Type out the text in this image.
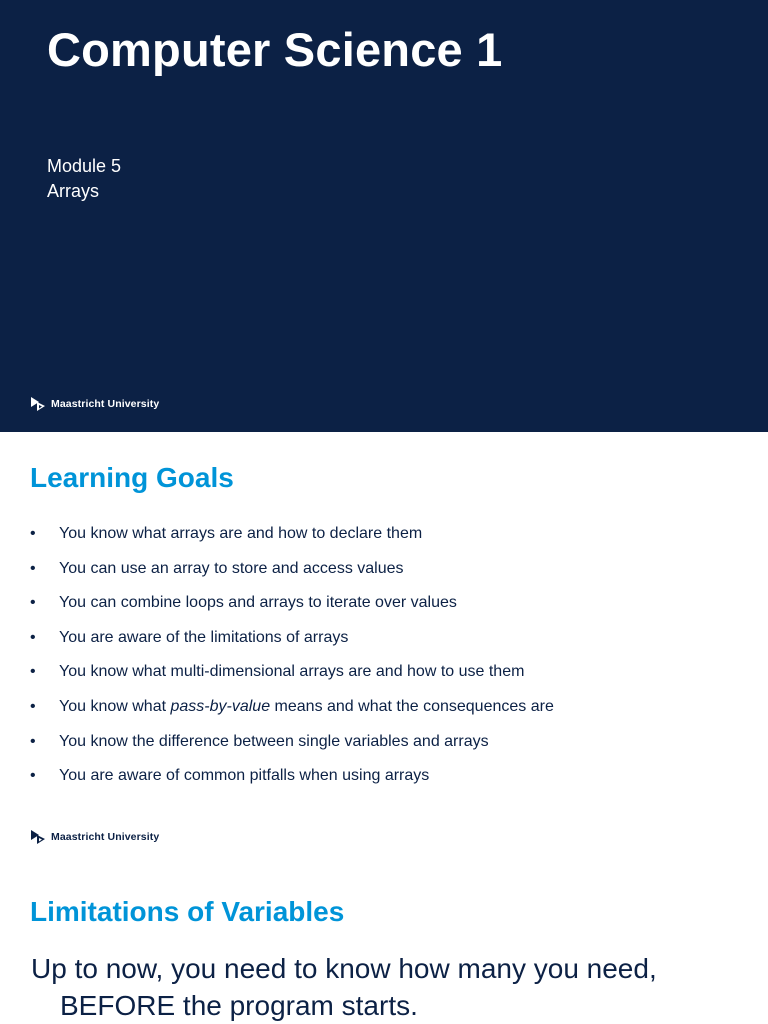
Computer Science 1
Module 5
Arrays
Maastricht University
Learning Goals
• You know what arrays are and how to declare them
• You can use an array to store and access values
• You can combine loops and arrays to iterate over values
• You are aware of the limitations of arrays
• You know what multi-dimensional arrays are and how to use them
• You know what pass-by-value means and what the consequences are
• You know the difference between single variables and arrays
• You are aware of common pitfalls when using arrays
Maastricht University
Limitations of Variables

Up to now, you need to know how many you need, BEFORE the program starts.
